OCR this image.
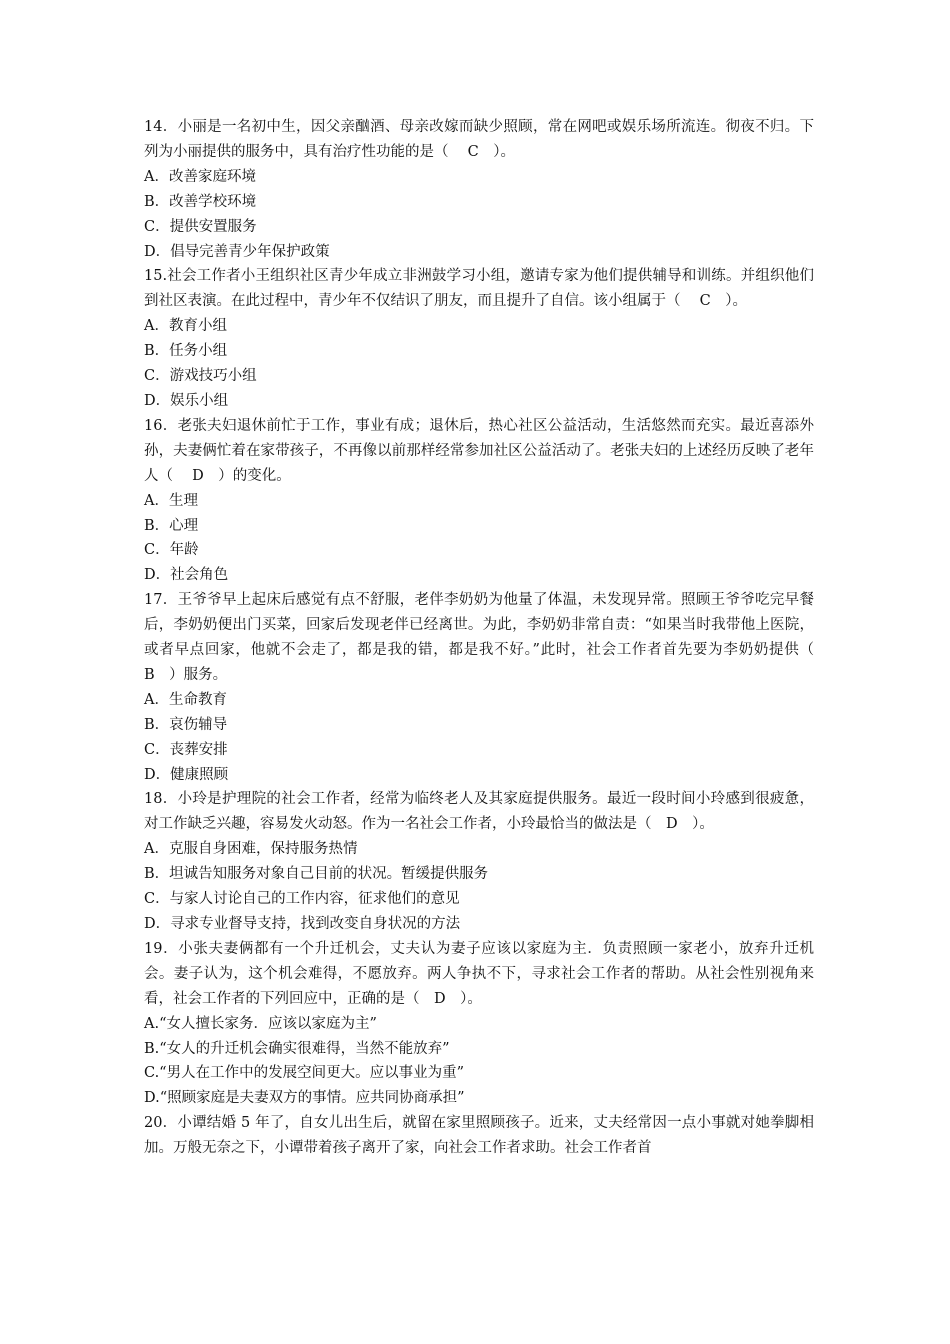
14．小丽是一名初中生，因父亲酗酒、母亲改嫁而缺少照顾，常在网吧或娱乐场所流连。彻夜不归。下列为小丽提供的服务中，具有治疗性功能的是（　 C　）。

A．改善家庭环境

B．改善学校环境

C．提供安置服务

D．倡导完善青少年保护政策

15.社会工作者小王组织社区青少年成立非洲鼓学习小组，邀请专家为他们提供辅导和训练。并组织他们到社区表演。在此过程中，青少年不仅结识了朋友，而且提升了自信。该小组属于（　 C　）。

A．教育小组

B．任务小组

C．游戏技巧小组

D．娱乐小组

16．老张夫妇退休前忙于工作，事业有成；退休后，热心社区公益活动，生活悠然而充实。最近喜添外孙，夫妻俩忙着在家带孩子，不再像以前那样经常参加社区公益活动了。老张夫妇的上述经历反映了老年人（　 D　）的变化。

A．生理

B．心理

C．年龄

D．社会角色

17．王爷爷早上起床后感觉有点不舒服，老伴李奶奶为他量了体温，未发现异常。照顾王爷爷吃完早餐后，李奶奶便出门买菜，回家后发现老伴已经离世。为此，李奶奶非常自责：“如果当时我带他上医院，或者早点回家，他就不会走了，都是我的错，都是我不好。”此时，社会工作者首先要为李奶奶提供（　B　）服务。

A．生命教育

B．哀伤辅导

C．丧葬安排

D．健康照顾

18．小玲是护理院的社会工作者，经常为临终老人及其家庭提供服务。最近一段时间小玲感到很疲惫，对工作缺乏兴趣，容易发火动怒。作为一名社会工作者，小玲最恰当的做法是（　D　）。

A．克服自身困难，保持服务热情

B．坦诚告知服务对象自己目前的状况。暂缓提供服务

C．与家人讨论自己的工作内容，征求他们的意见

D．寻求专业督导支持，找到改变自身状况的方法

19．小张夫妻俩都有一个升迁机会，丈夫认为妻子应该以家庭为主．负责照顾一家老小，放弃升迁机会。妻子认为，这个机会难得，不愿放弃。两人争执不下，寻求社会工作者的帮助。从社会性别视角来看，社会工作者的下列回应中，正确的是（　D　）。

A.“女人擅长家务．应该以家庭为主”

B.“女人的升迁机会确实很难得，当然不能放弃”

C.“男人在工作中的发展空间更大。应以事业为重”

D.“照顾家庭是夫妻双方的事情。应共同协商承担”

20．小谭结婚 5 年了，自女儿出生后，就留在家里照顾孩子。近来，丈夫经常因一点小事就对她拳脚相加。万般无奈之下，小谭带着孩子离开了家，向社会工作者求助。社会工作者首
